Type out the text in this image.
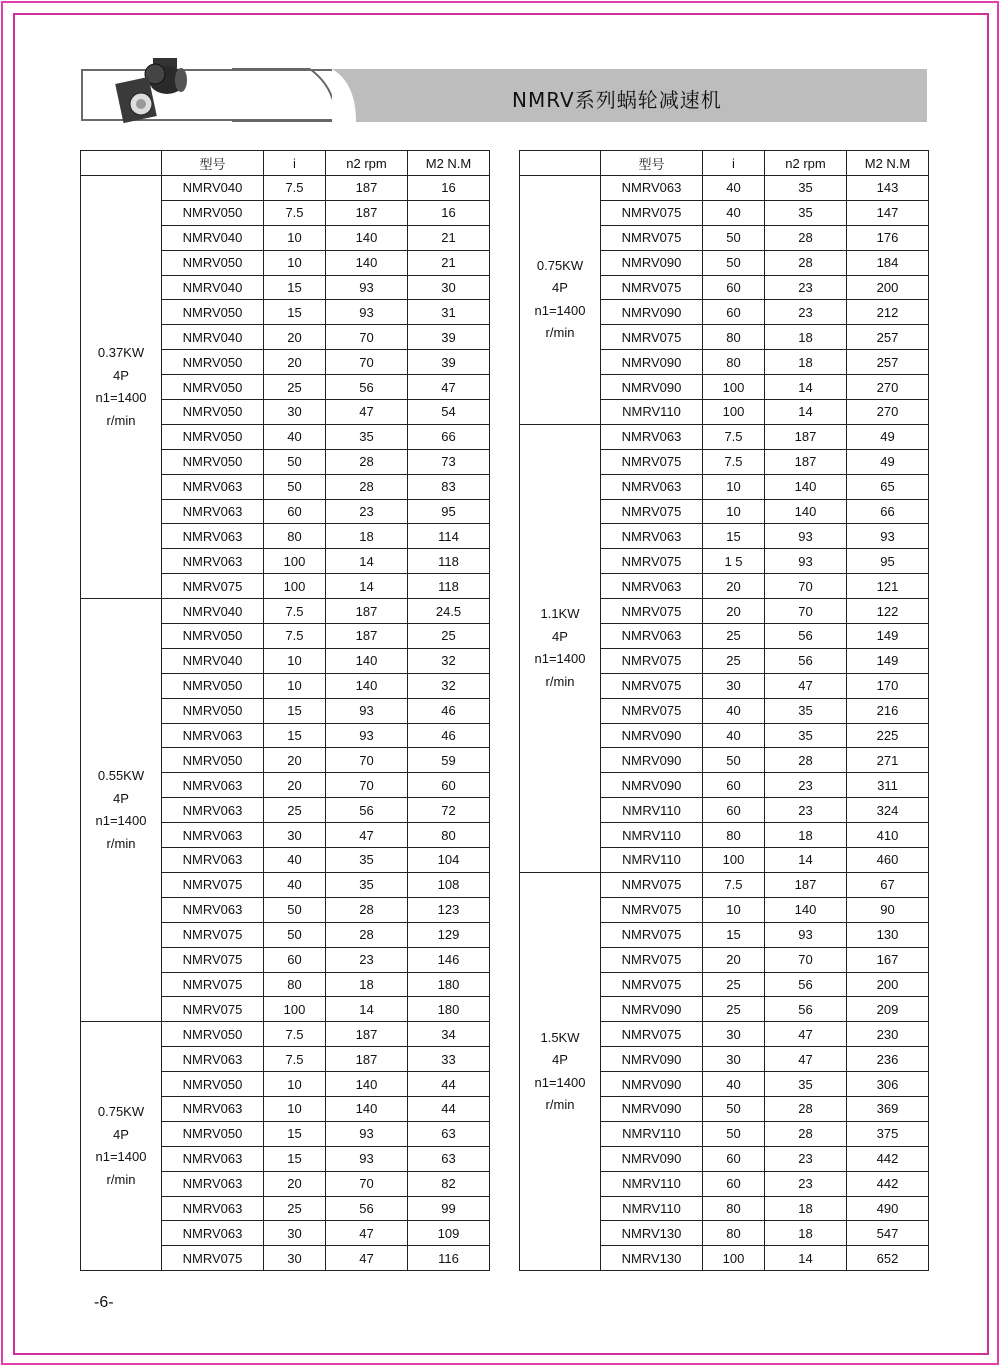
NMRV系列蜗轮减速机
	型号	i	n2 rpm	M2 N.M

0.37KW
4P
n1=1400
r/min	NMRV040	7.5	187	16
	NMRV050	7.5	187	16
	NMRV040	10	140	21
	NMRV050	10	140	21
	NMRV040	15	93	30
	NMRV050	15	93	31
	NMRV040	20	70	39
	NMRV050	20	70	39
	NMRV050	25	56	47
	NMRV050	30	47	54
	NMRV050	40	35	66
	NMRV050	50	28	73
	NMRV063	50	28	83
	NMRV063	60	23	95
	NMRV063	80	18	114
	NMRV063	100	14	118
	NMRV075	100	14	118

0.55KW
4P
n1=1400
r/min	NMRV040	7.5	187	24.5
	NMRV050	7.5	187	25
	NMRV040	10	140	32
	NMRV050	10	140	32
	NMRV050	15	93	46
	NMRV063	15	93	46
	NMRV050	20	70	59
	NMRV063	20	70	60
	NMRV063	25	56	72
	NMRV063	30	47	80
	NMRV063	40	35	104
	NMRV075	40	35	108
	NMRV063	50	28	123
	NMRV075	50	28	129
	NMRV075	60	23	146
	NMRV075	80	18	180
	NMRV075	100	14	180

0.75KW
4P
n1=1400
r/min	NMRV050	7.5	187	34
	NMRV063	7.5	187	33
	NMRV050	10	140	44
	NMRV063	10	140	44
	NMRV050	15	93	63
	NMRV063	15	93	63
	NMRV063	20	70	82
	NMRV063	25	56	99
	NMRV063	30	47	109
	NMRV075	30	47	116
	型号	i	n2 rpm	M2 N.M

0.75KW
4P
n1=1400
r/min	NMRV063	40	35	143
	NMRV075	40	35	147
	NMRV075	50	28	176
	NMRV090	50	28	184
	NMRV075	60	23	200
	NMRV090	60	23	212
	NMRV075	80	18	257
	NMRV090	80	18	257
	NMRV090	100	14	270
	NMRV110	100	14	270

1.1KW
4P
n1=1400
r/min	NMRV063	7.5	187	49
	NMRV075	7.5	187	49
	NMRV063	10	140	65
	NMRV075	10	140	66
	NMRV063	15	93	93
	NMRV075	1 5	93	95
	NMRV063	20	70	121
	NMRV075	20	70	122
	NMRV063	25	56	149
	NMRV075	25	56	149
	NMRV075	30	47	170
	NMRV075	40	35	216
	NMRV090	40	35	225
	NMRV090	50	28	271
	NMRV090	60	23	311
	NMRV110	60	23	324
	NMRV110	80	18	410
	NMRV110	100	14	460

1.5KW
4P
n1=1400
r/min	NMRV075	7.5	187	67
	NMRV075	10	140	90
	NMRV075	15	93	130
	NMRV075	20	70	167
	NMRV075	25	56	200
	NMRV090	25	56	209
	NMRV075	30	47	230
	NMRV090	30	47	236
	NMRV090	40	35	306
	NMRV090	50	28	369
	NMRV110	50	28	375
	NMRV090	60	23	442
	NMRV110	60	23	442
	NMRV110	80	18	490
	NMRV130	80	18	547
	NMRV130	100	14	652
-6-
